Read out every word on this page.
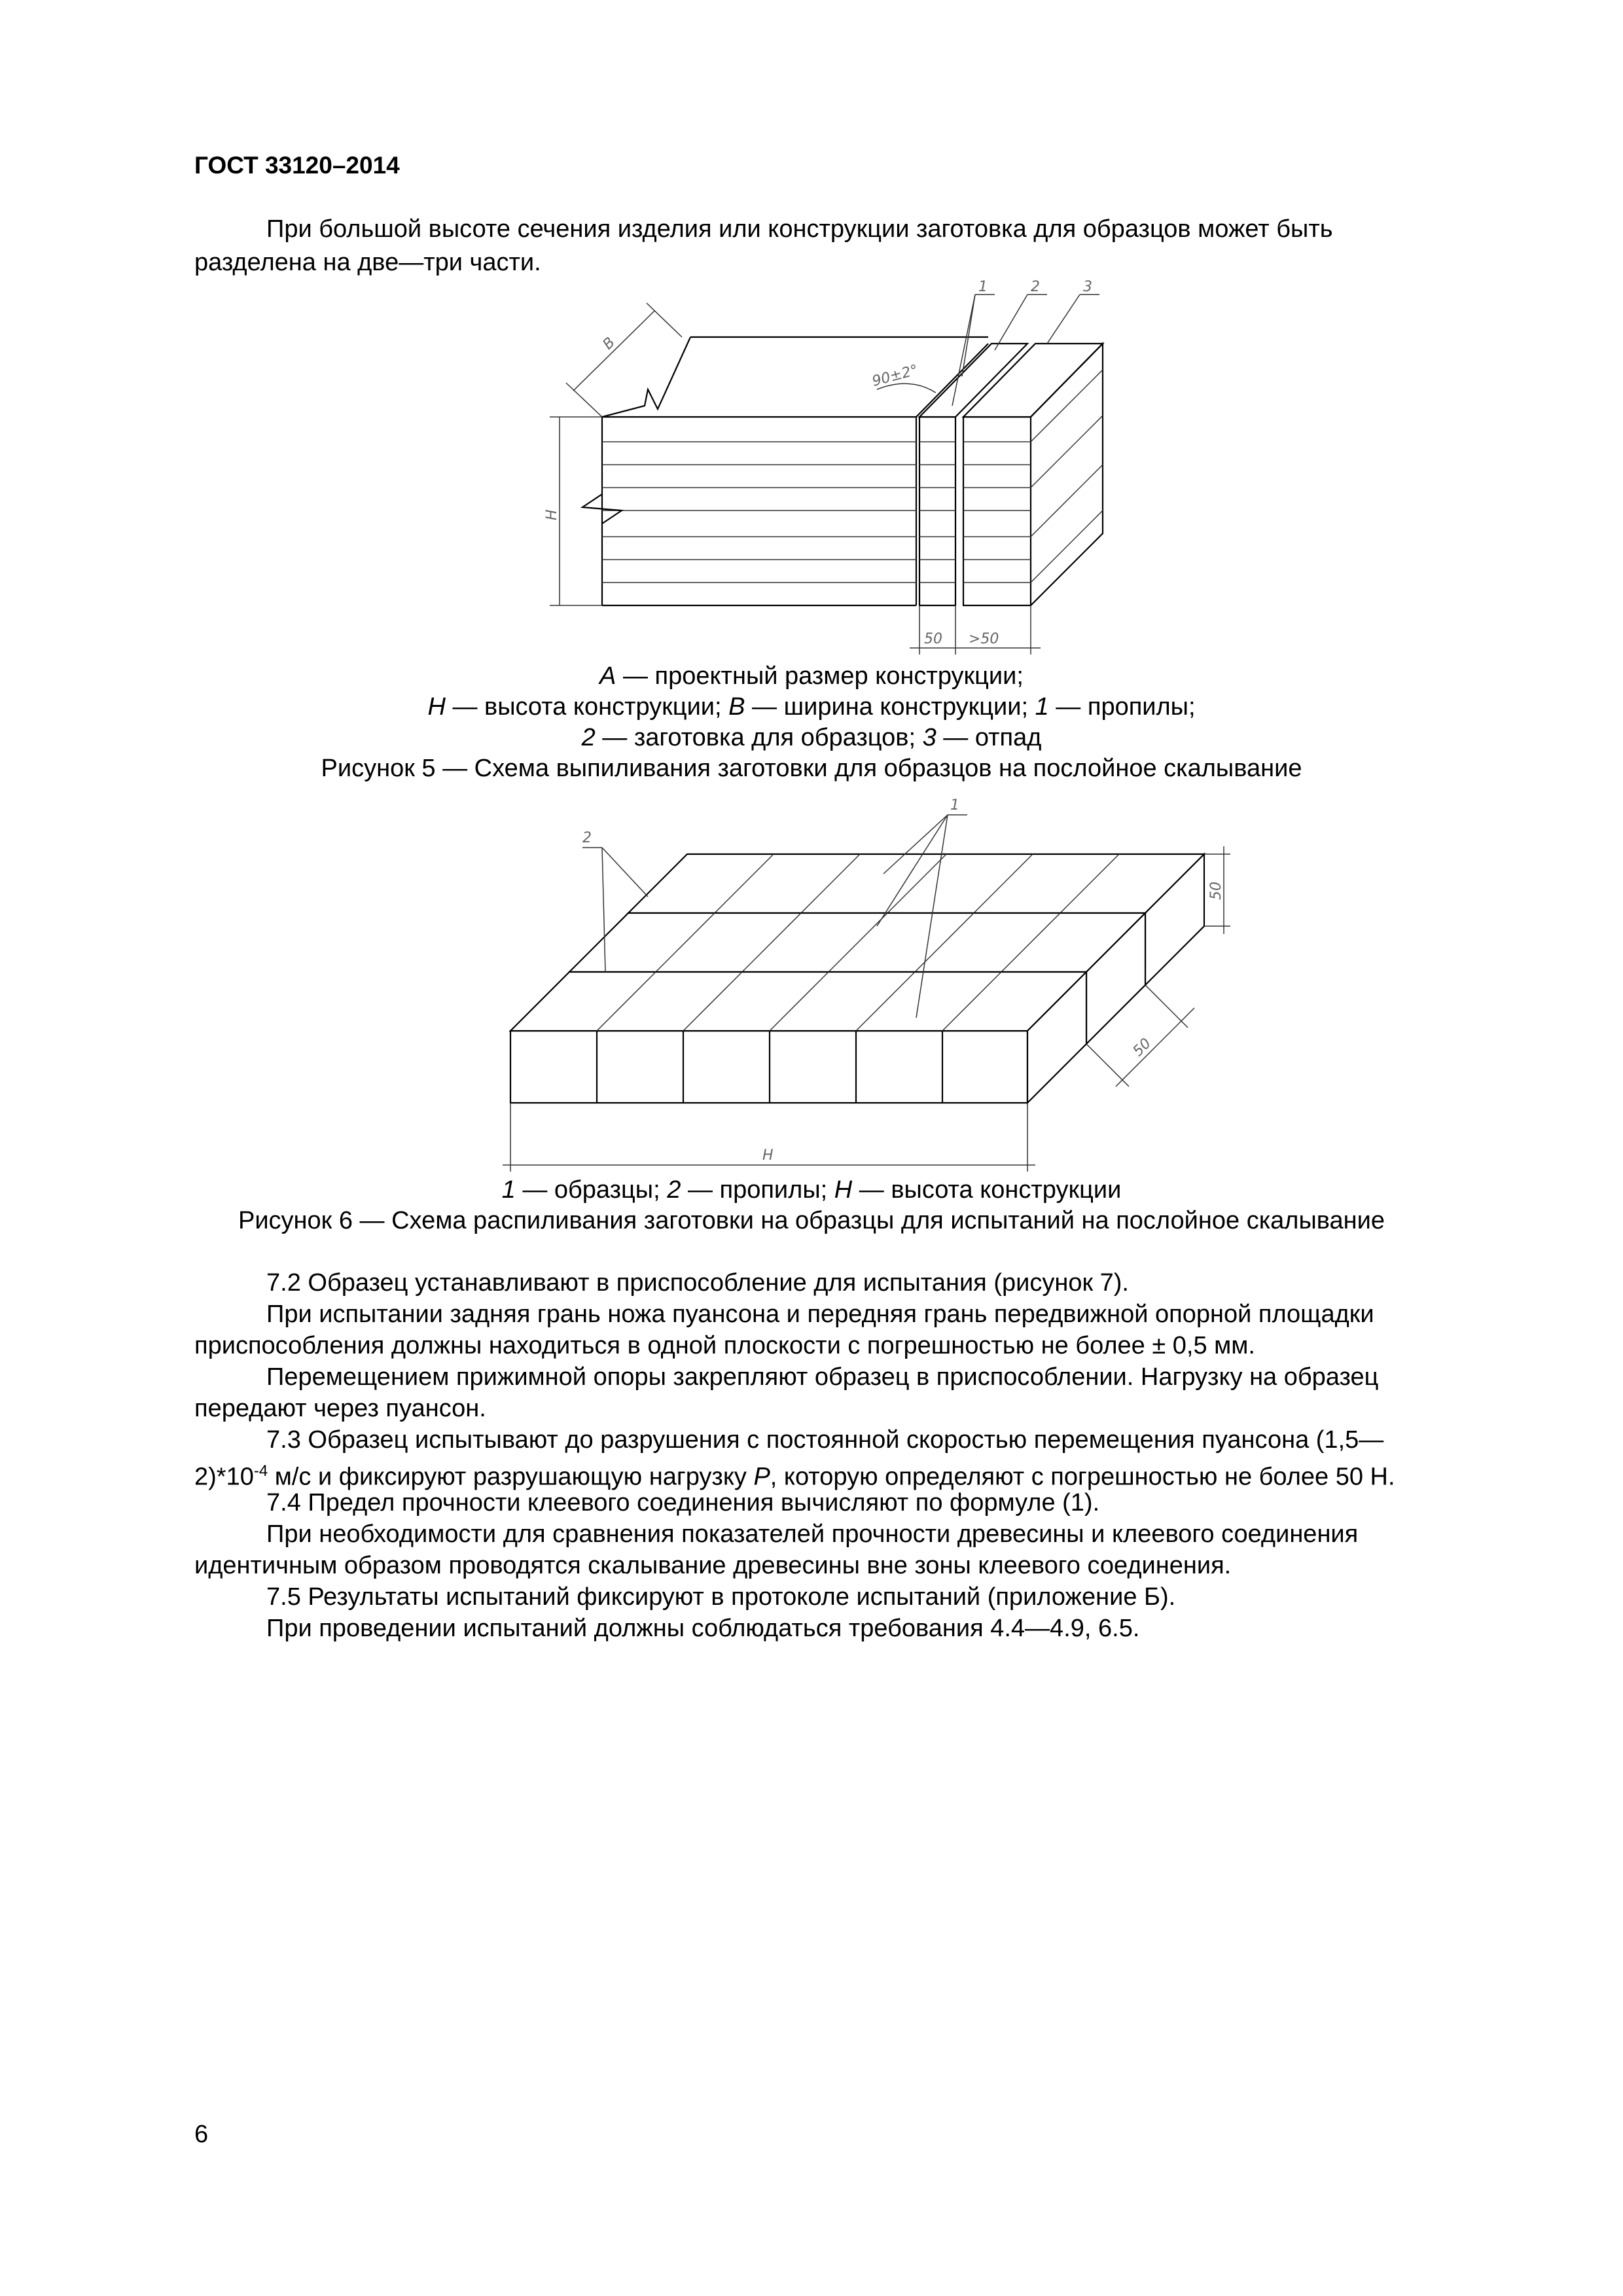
ГОСТ 33120–2014
При большой высоте сечения изделия или конструкции заготовка для образцов может быть
разделена на две—три части.
B
H
90±2°
1	2	3
50 >50
A — проектный размер конструкции;
H — высота конструкции; B — ширина конструкции; 1 — пропилы;
2 — заготовка для образцов; 3 — отпад
Рисунок 5 — Схема выпиливания заготовки для образцов на послойное скалывание
1
2
50
50
H
1 — образцы; 2 — пропилы; H — высота конструкции
Рисунок 6 — Схема распиливания заготовки на образцы для испытаний на послойное скалывание
7.2 Образец устанавливают в приспособление для испытания (рисунок 7).
При испытании задняя грань ножа пуансона и передняя грань передвижной опорной площадки
приспособления должны находиться в одной плоскости с погрешностью не более ± 0,5 мм.
Перемещением прижимной опоры закрепляют образец в приспособлении. Нагрузку на образец
передают через пуансон.
7.3 Образец испытывают до разрушения с постоянной скоростью перемещения пуансона (1,5—
$2)*10^{-4}$ м/с и фиксируют разрушающую нагрузку P, которую определяют с погрешностью не более 50 Н.
7.4 Предел прочности клеевого соединения вычисляют по формуле (1).
При необходимости для сравнения показателей прочности древесины и клеевого соединения
идентичным образом проводятся скалывание древесины вне зоны клеевого соединения.
7.5 Результаты испытаний фиксируют в протоколе испытаний (приложение Б).
При проведении испытаний должны соблюдаться требования 4.4—4.9, 6.5.
6
